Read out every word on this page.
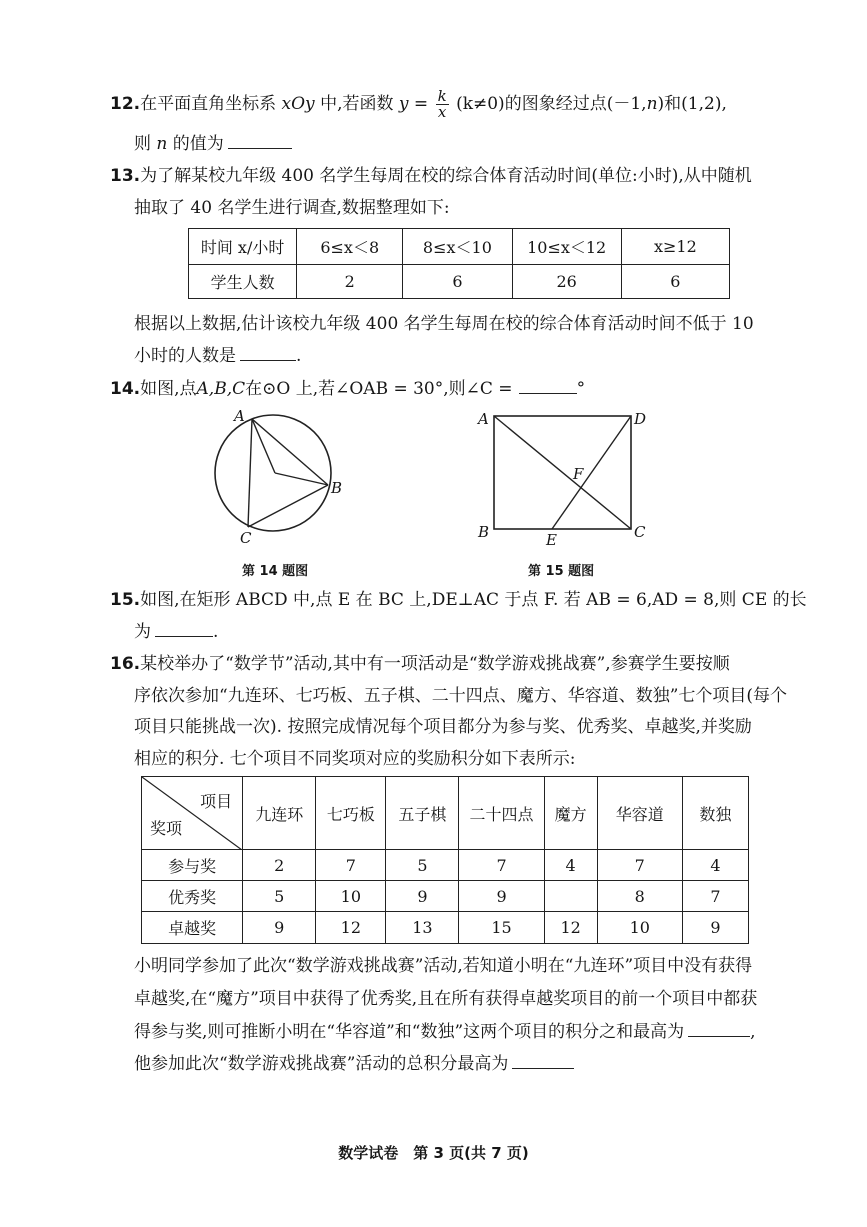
12.在平面直角坐标系 xOy 中,若函数 $y = \frac{k}{x} (k\ne 0)$的图象经过点(－1,n)和(1,2),
则 n 的值为
13.为了解某校九年级 400 名学生每周在校的综合体育活动时间(单位:小时),从中随机
抽取了 40 名学生进行调查,数据整理如下:
时间 x/小时	6≤x＜8	8≤x＜10	10≤x＜12	x≥12
学生人数	2	6	26	6
根据以上数据,估计该校九年级 400 名学生每周在校的综合体育活动时间不低于 10
小时的人数是	.
14.如图,点A,B,C在⊙O 上,若∠OAB = 30°,则∠C =	°
A
B
C
第 14 题图
A	D
B	C
E
F
第 15 题图
15.如图,在矩形 ABCD 中,点 E 在 BC 上,DE⊥AC 于点 F. 若 AB = 6,AD = 8,则 CE 的长
为	.
16.某校举办了“数学节”活动,其中有一项活动是“数学游戏挑战赛”,参赛学生要按顺
序依次参加“九连环、七巧板、五子棋、二十四点、魔方、华容道、数独”七个项目(每个
项目只能挑战一次). 按照完成情况每个项目都分为参与奖、优秀奖、卓越奖,并奖励
相应的积分. 七个项目不同奖项对应的奖励积分如下表所示:
项目
奖项	九连环	七巧板	五子棋	二十四点	魔方	华容道	数独
参与奖	2	7	5	7	4	7	4
优秀奖	5	10	9	9		8	7
卓越奖	9	12	13	15	12	10	9
小明同学参加了此次“数学游戏挑战赛”活动,若知道小明在“九连环”项目中没有获得
卓越奖,在“魔方”项目中获得了优秀奖,且在所有获得卓越奖项目的前一个项目中都获
得参与奖,则可推断小明在“华容道”和“数独”这两个项目的积分之和最高为	,
他参加此次“数学游戏挑战赛”活动的总积分最高为
数学试卷　第 3 页(共 7 页)
